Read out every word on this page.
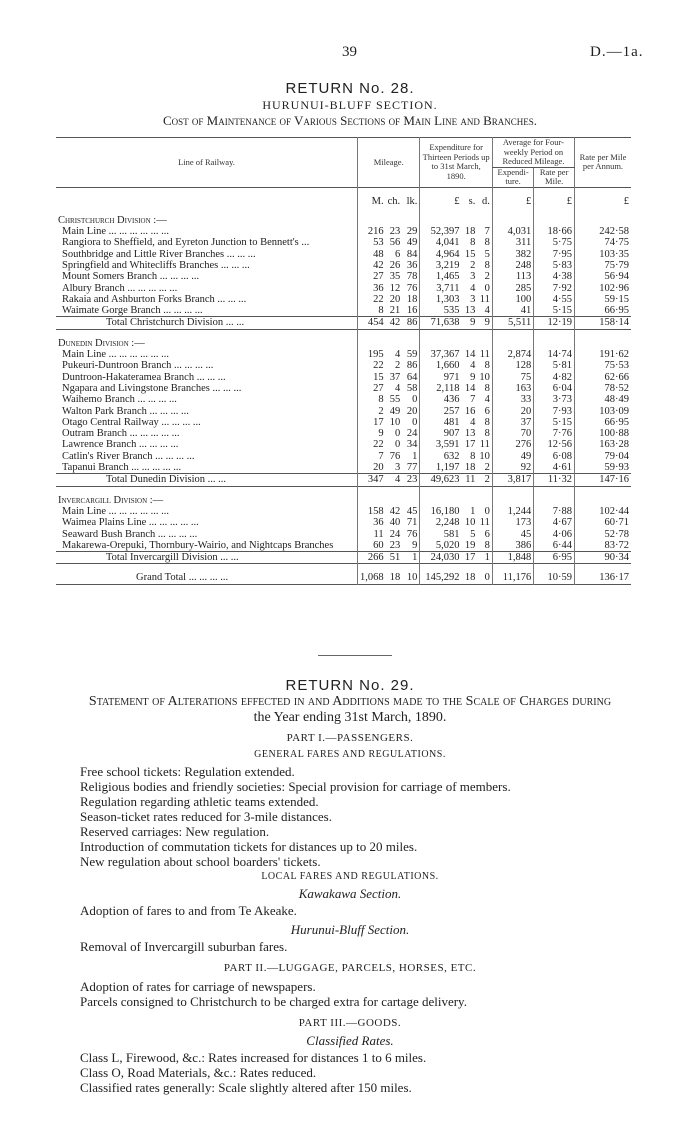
39	D.—1a.
RETURN No. 28.
HURUNUI-BLUFF SECTION.
Cost of Maintenance of Various Sections of Main Line and Branches.
Line of Railway.	Mileage.			Expenditure for Thirteen Periods up to 31st March, 1890.			Average for Four-weekly Period on Reduced Mileage.		Rate per Mile per Annum.
							Expendi-ture.	Rate per Mile.	

	M.	ch.	lk.	£	s.	d.	£	£	£

Christchurch Division :—									
Main Line ... ... ... ... ... ...	216	23	29	52,397	18	7	4,031	18·66	242·58
Rangiora to Sheffield, and Eyreton Junction to Bennett's ...	53	56	49	4,041	8	8	311	5·75	74·75
Southbridge and Little River Branches ... ... ...	48	6	84	4,964	15	5	382	7·95	103·35
Springfield and Whitecliffs Branches ... ... ...	42	26	36	3,219	2	8	248	5·83	75·79
Mount Somers Branch ... ... ... ...	27	35	78	1,465	3	2	113	4·38	56·94
Albury Branch ... ... ... ... ...	36	12	76	3,711	4	0	285	7·92	102·96
Rakaia and Ashburton Forks Branch ... ... ...	22	20	18	1,303	3	11	100	4·55	59·15
Waimate Gorge Branch ... ... ... ...	8	21	16	535	13	4	41	5·15	66·95
Total Christchurch Division ... ...	454	42	86	71,638	9	9	5,511	12·19	158·14

Dunedin Division :—									
Main Line ... ... ... ... ... ...	195	4	59	37,367	14	11	2,874	14·74	191·62
Pukeuri-Duntroon Branch ... ... ... ...	22	2	86	1,660	4	8	128	5·81	75·53
Duntroon-Hakateramea Branch ... ... ...	15	37	64	971	9	10	75	4·82	62·66
Ngapara and Livingstone Branches ... ... ...	27	4	58	2,118	14	8	163	6·04	78·52
Waihemo Branch ... ... ... ...	8	55	0	436	7	4	33	3·73	48·49
Walton Park Branch ... ... ... ...	2	49	20	257	16	6	20	7·93	103·09
Otago Central Railway ... ... ... ...	17	10	0	481	4	8	37	5·15	66·95
Outram Branch ... ... ... ... ...	9	0	24	907	13	8	70	7·76	100·88
Lawrence Branch ... ... ... ...	22	0	34	3,591	17	11	276	12·56	163·28
Catlin's River Branch ... ... ... ...	7	76	1	632	8	10	49	6·08	79·04
Tapanui Branch ... ... ... ... ...	20	3	77	1,197	18	2	92	4·61	59·93
Total Dunedin Division ... ...	347	4	23	49,623	11	2	3,817	11·32	147·16

Invercargill Division :—									
Main Line ... ... ... ... ... ...	158	42	45	16,180	1	0	1,244	7·88	102·44
Waimea Plains Line ... ... ... ... ...	36	40	71	2,248	10	11	173	4·67	60·71
Seaward Bush Branch ... ... ... ...	11	24	76	581	5	6	45	4·06	52·78
Makarewa-Orepuki, Thornbury-Wairio, and Nightcaps Branches	60	23	9	5,020	19	8	386	6·44	83·72
Total Invercargill Division ... ...	266	51	1	24,030	17	1	1,848	6·95	90·34

Grand Total ... ... ... ...	1,068	18	10	145,292	18	0	11,176	10·59	136·17
RETURN No. 29.
Statement of Alterations effected in and Additions made to the Scale of Charges during
the Year ending 31st March, 1890.
PART I.—PASSENGERS.
GENERAL FARES AND REGULATIONS.
Free school tickets: Regulation extended.
Religious bodies and friendly societies: Special provision for carriage of members.
Regulation regarding athletic teams extended.
Season-ticket rates reduced for 3-mile distances.
Reserved carriages: New regulation.
Introduction of commutation tickets for distances up to 20 miles.
New regulation about school boarders' tickets.
LOCAL FARES AND REGULATIONS.
Kawakawa Section.
Adoption of fares to and from Te Akeake.
Hurunui-Bluff Section.
Removal of Invercargill suburban fares.
PART II.—LUGGAGE, PARCELS, HORSES, ETC.
Adoption of rates for carriage of newspapers.
Parcels consigned to Christchurch to be charged extra for cartage delivery.
PART III.—GOODS.
Classified Rates.
Class L, Firewood, &c.: Rates increased for distances 1 to 6 miles.
Class O, Road Materials, &c.: Rates reduced.
Classified rates generally: Scale slightly altered after 150 miles.
